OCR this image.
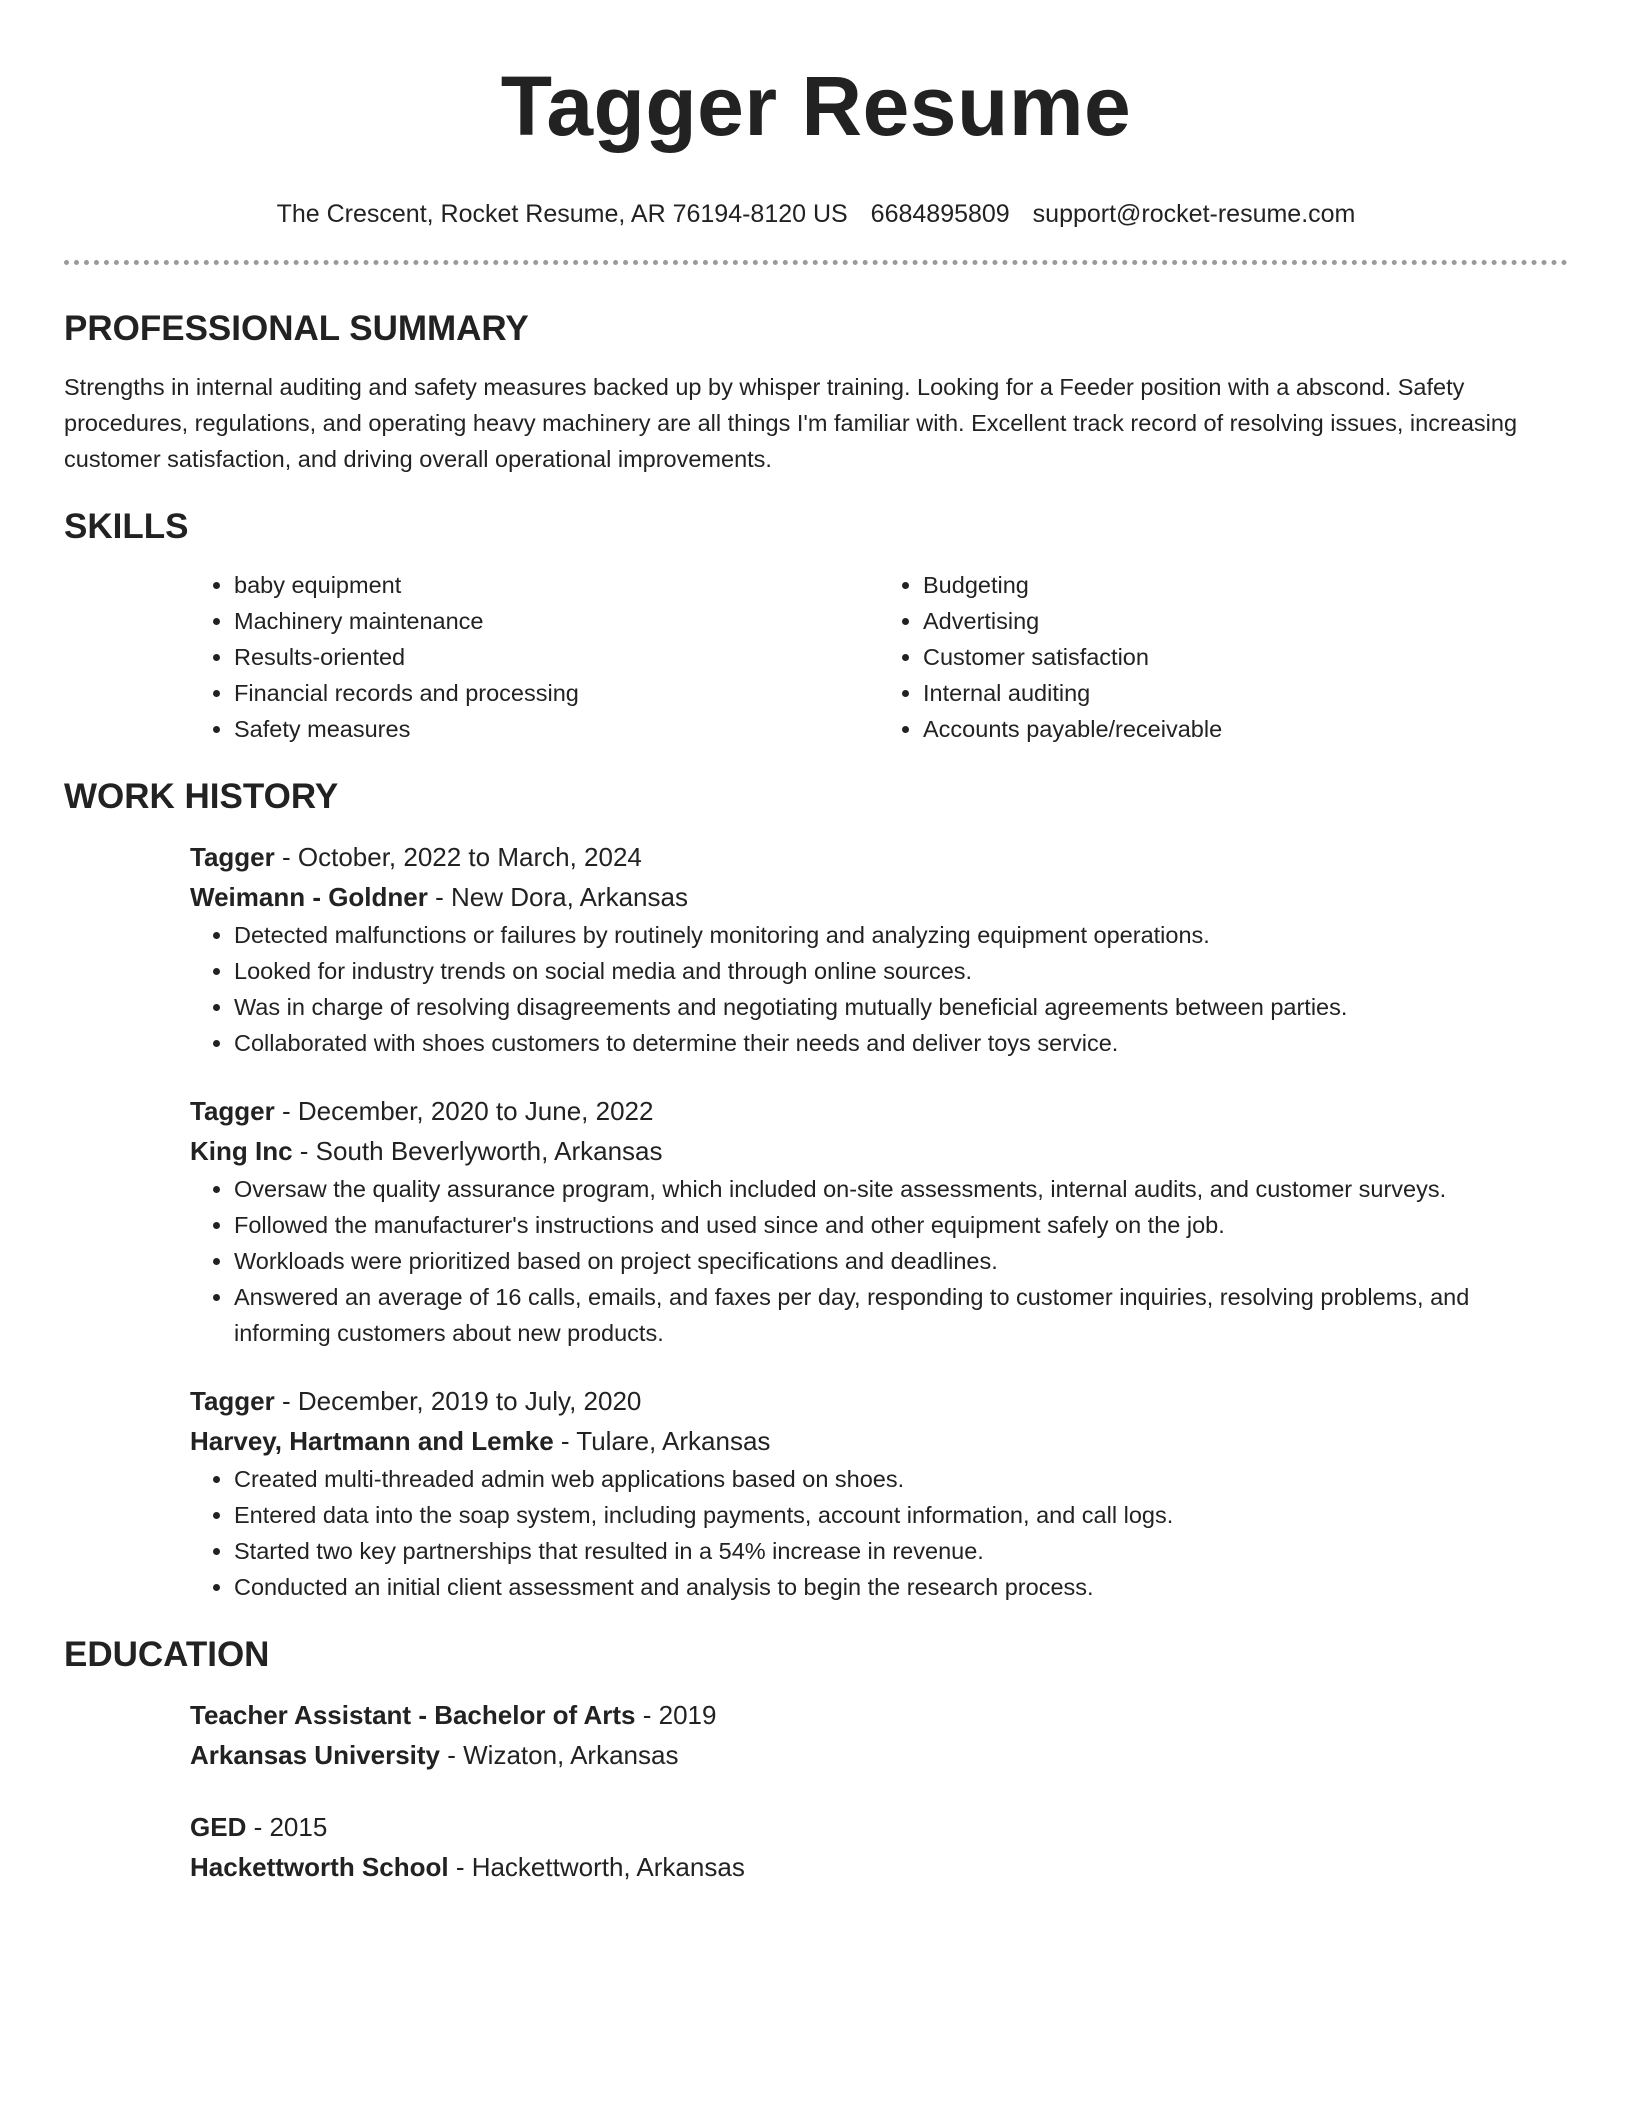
Tagger Resume
The Crescent, Rocket Resume, AR 76194-8120 US 6684895809 support@rocket-resume.com
PROFESSIONAL SUMMARY

Strengths in internal auditing and safety measures backed up by whisper training. Looking for a Feeder position with a abscond. Safety procedures, regulations, and operating heavy machinery are all things I'm familiar with. Excellent track record of resolving issues, increasing customer satisfaction, and driving overall operational improvements.

SKILLS
• baby equipment
• Machinery maintenance
• Results-oriented
• Financial records and processing
• Safety measures
• Budgeting
• Advertising
• Customer satisfaction
• Internal auditing
• Accounts payable/receivable
WORK HISTORY
Tagger - October, 2022 to March, 2024
Weimann - Goldner - New Dora, Arkansas
• Detected malfunctions or failures by routinely monitoring and analyzing equipment operations.
• Looked for industry trends on social media and through online sources.
• Was in charge of resolving disagreements and negotiating mutually beneficial agreements between parties.
• Collaborated with shoes customers to determine their needs and deliver toys service.
Tagger - December, 2020 to June, 2022
King Inc - South Beverlyworth, Arkansas
• Oversaw the quality assurance program, which included on-site assessments, internal audits, and customer surveys.
• Followed the manufacturer's instructions and used since and other equipment safely on the job.
• Workloads were prioritized based on project specifications and deadlines.
• Answered an average of 16 calls, emails, and faxes per day, responding to customer inquiries, resolving problems, and informing customers about new products.
Tagger - December, 2019 to July, 2020
Harvey, Hartmann and Lemke - Tulare, Arkansas
• Created multi-threaded admin web applications based on shoes.
• Entered data into the soap system, including payments, account information, and call logs.
• Started two key partnerships that resulted in a 54% increase in revenue.
• Conducted an initial client assessment and analysis to begin the research process.
EDUCATION
Teacher Assistant - Bachelor of Arts - 2019
Arkansas University - Wizaton, Arkansas
GED - 2015
Hackettworth School - Hackettworth, Arkansas
